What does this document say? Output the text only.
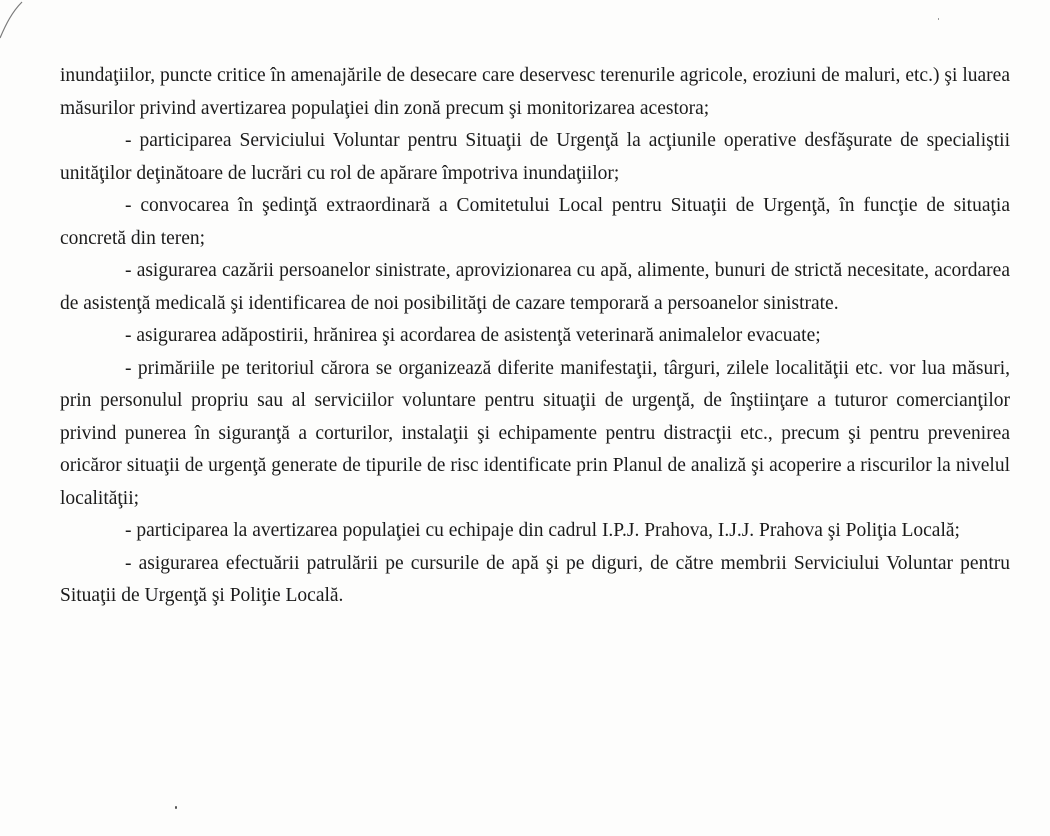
inundaţiilor, puncte critice în amenajările de desecare care deservesc terenurile agricole, eroziuni de maluri, etc.) şi luarea măsurilor privind avertizarea populaţiei din zonă precum şi monitorizarea acestora;

- participarea Serviciului Voluntar pentru Situaţii de Urgenţă la acţiunile operative desfăşurate de specialiştii unităţilor deţinătoare de lucrări cu rol de apărare împotriva inundaţiilor;

- convocarea în şedinţă extraordinară a Comitetului Local pentru Situaţii de Urgenţă, în funcţie de situaţia concretă din teren;

- asigurarea cazării persoanelor sinistrate, aprovizionarea cu apă, alimente, bunuri de strictă necesitate, acordarea de asistenţă medicală şi identificarea de noi posibilităţi de cazare temporară a persoanelor sinistrate.

- asigurarea adăpostirii, hrănirea şi acordarea de asistenţă veterinară animalelor evacuate;

- primăriile pe teritoriul cărora se organizează diferite manifestaţii, târguri, zilele localităţii etc. vor lua măsuri, prin personulul propriu sau al serviciilor voluntare pentru situaţii de urgenţă, de înştiinţare a tuturor comercianţilor privind punerea în siguranţă a corturilor, instalaţii şi echipamente pentru distracţii etc., precum şi pentru prevenirea oricăror situaţii de urgenţă generate de tipurile de risc identificate prin Planul de analiză şi acoperire a riscurilor la nivelul localităţii;

- participarea la avertizarea populaţiei cu echipaje din cadrul I.P.J. Prahova, I.J.J. Prahova şi Poliţia Locală;

- asigurarea efectuării patrulării pe cursurile de apă şi pe diguri, de către membrii Serviciului Voluntar pentru Situaţii de Urgenţă şi Poliţie Locală.
